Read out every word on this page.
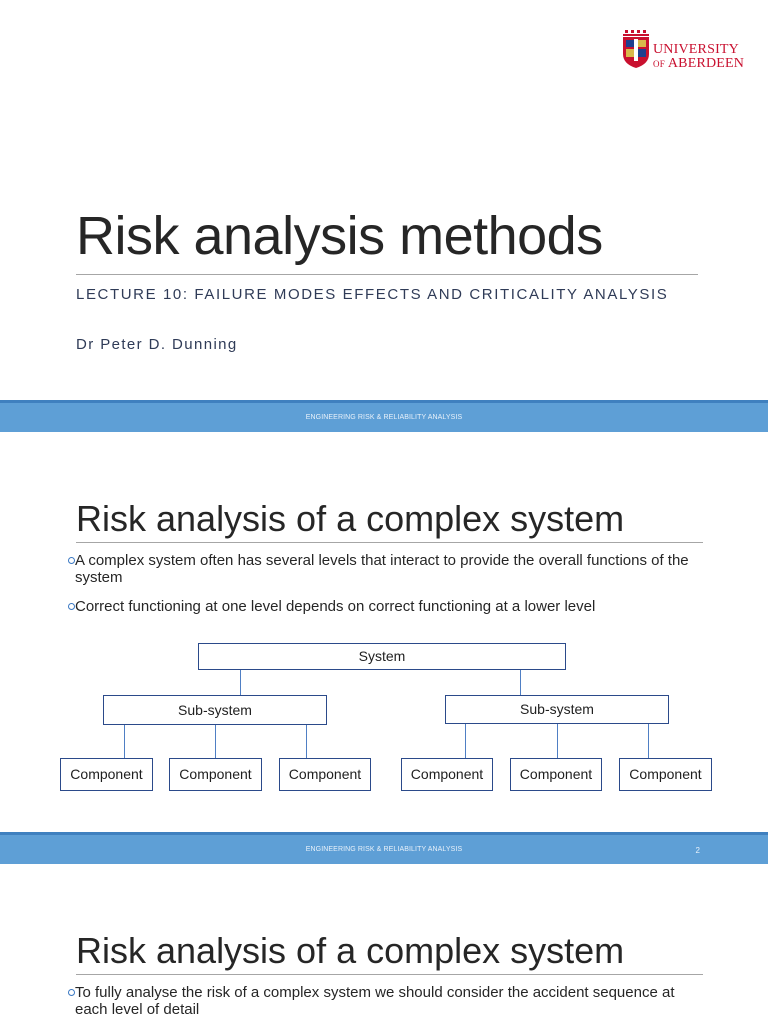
UNIVERSITY
OF ABERDEEN
Risk analysis methods
LECTURE 10: FAILURE MODES EFFECTS AND CRITICALITY ANALYSIS
Dr Peter D. Dunning
ENGINEERING RISK & RELIABILITY ANALYSIS
Risk analysis of a complex system
A complex system often has several levels that interact to provide the overall functions of the system
Correct functioning at one level depends on correct functioning at a lower level
System
Sub-system	Sub-system
Component	Component	Component	Component	Component	Component
ENGINEERING RISK & RELIABILITY ANALYSIS	2
Risk analysis of a complex system
To fully analyse the risk of a complex system we should consider the accident sequence at each level of detail
